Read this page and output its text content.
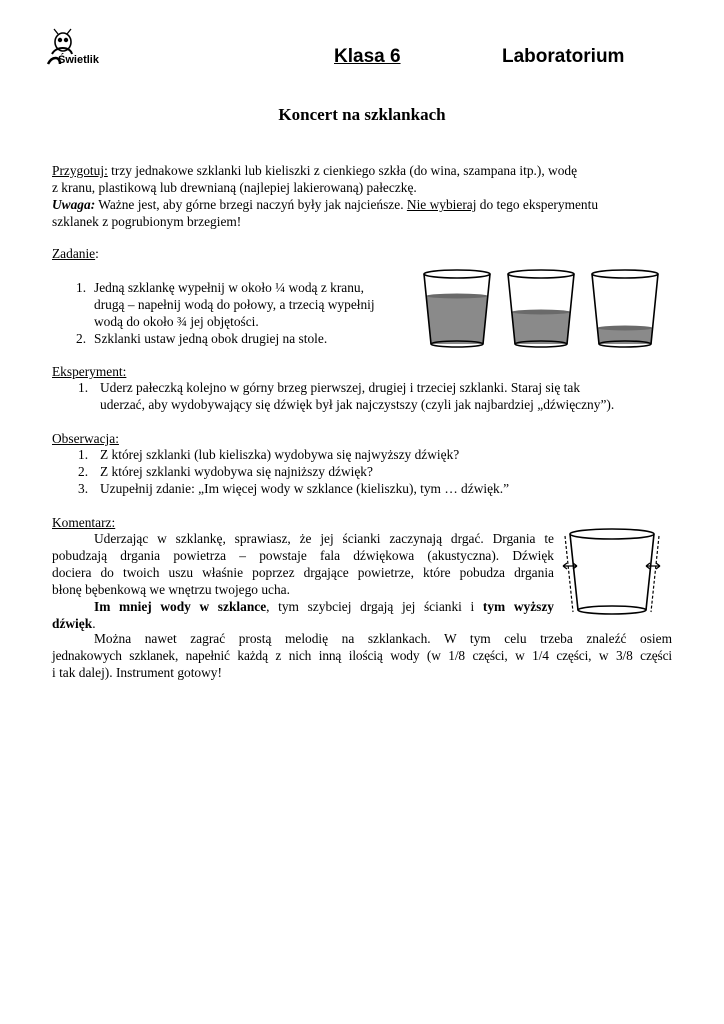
Świetlik	Klasa 6	Laboratorium
Koncert na szklankach

Przygotuj: trzy jednakowe szklanki lub kieliszki z cienkiego szkła (do wina, szampana itp.), wodę

z kranu, plastikową lub drewnianą (najlepiej lakierowaną) pałeczkę.

Uwaga: Ważne jest, aby górne brzegi naczyń były jak najcieńsze. Nie wybieraj do tego eksperymentu

szklanek z pogrubionym brzegiem!

Zadanie:

1. Jedną szklankę wypełnij w około ¼ wodą z kranu,

drugą – napełnij wodą do połowy, a trzecią wypełnij

wodą do około ¾ jej objętości.

2. Szklanki ustaw jedną obok drugiej na stole.

Eksperyment:

1. Uderz pałeczką kolejno w górny brzeg pierwszej, drugiej i trzeciej szklanki. Staraj się tak

uderzać, aby wydobywający się dźwięk był jak najczystszy (czyli jak najbardziej „dźwięczny”).

Obserwacja:

1. Z której szklanki (lub kieliszka) wydobywa się najwyższy dźwięk?

2. Z której szklanki wydobywa się najniższy dźwięk?

3. Uzupełnij zdanie: „Im więcej wody w szklance (kieliszku), tym … dźwięk.”

Komentarz:

Uderzając w szklankę, sprawiasz, że jej ścianki zaczynają drgać. Drgania te

pobudzają drgania powietrza – powstaje fala dźwiękowa (akustyczna). Dźwięk

dociera do twoich uszu właśnie poprzez drgające powietrze, które pobudza drgania

błonę bębenkową we wnętrzu twojego ucha.

Im mniej wody w szklance, tym szybciej drgają jej ścianki i tym wyższy

dźwięk.

Można nawet zagrać prostą melodię na szklankach. W tym celu trzeba znaleźć osiem

jednakowych szklanek, napełnić każdą z nich inną ilością wody (w 1/8 części, w 1/4 części, w 3/8 części

i tak dalej). Instrument gotowy!
